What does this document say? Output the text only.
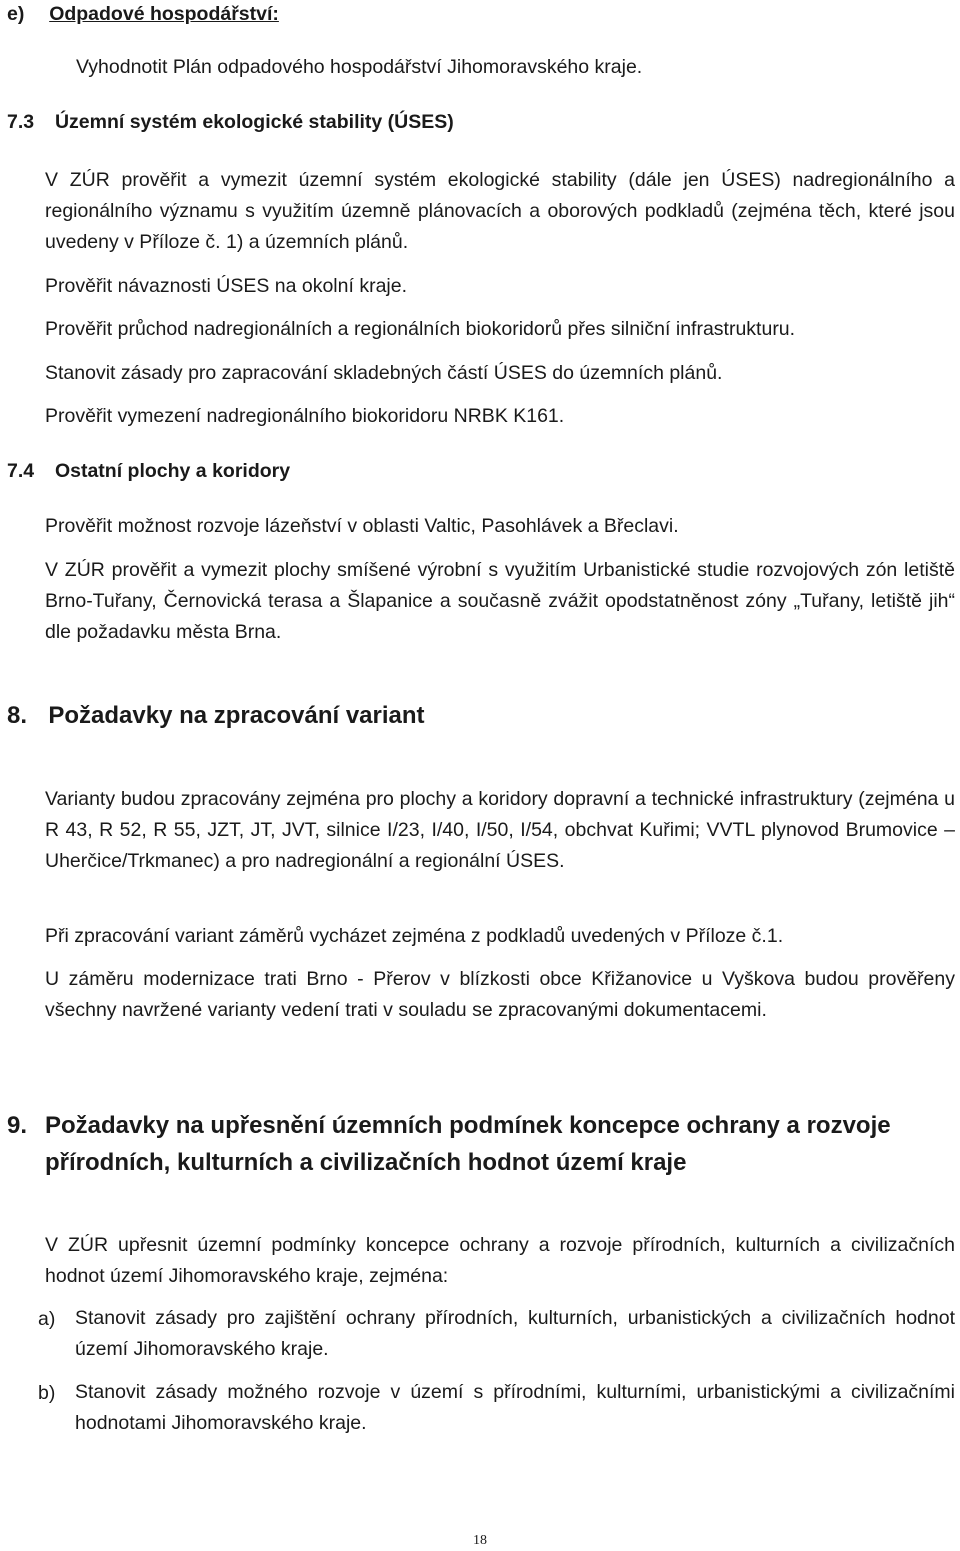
e) Odpadové hospodářství:
Vyhodnotit Plán odpadového hospodářství Jihomoravského kraje.
7.3 Územní systém ekologické stability (ÚSES)
V ZÚR prověřit a vymezit územní systém ekologické stability (dále jen ÚSES) nadregionálního a regionálního významu s využitím územně plánovacích a oborových podkladů (zejména těch, které jsou uvedeny v Příloze č. 1) a územních plánů.
Prověřit návaznosti ÚSES na okolní kraje.
Prověřit průchod nadregionálních a regionálních biokoridorů přes silniční infrastrukturu.
Stanovit zásady pro zapracování skladebných částí ÚSES do územních plánů.
Prověřit vymezení nadregionálního biokoridoru NRBK K161.
7.4 Ostatní plochy a koridory
Prověřit možnost rozvoje lázeňství v oblasti Valtic, Pasohlávek a Břeclavi.
V ZÚR prověřit a vymezit plochy smíšené výrobní s využitím Urbanistické studie rozvojových zón letiště Brno-Tuřany, Černovická terasa a Šlapanice a současně zvážit opodstatněnost zóny „Tuřany, letiště jih“ dle požadavku města Brna.
8. Požadavky na zpracování variant
Varianty budou zpracovány zejména pro plochy a koridory dopravní a technické infrastruktury (zejména u R 43, R 52, R 55, JZT, JT, JVT, silnice I/23, I/40, I/50, I/54, obchvat Kuřimi; VVTL plynovod Brumovice – Uherčice/Trkmanec) a pro nadregionální a regionální ÚSES.
Při zpracování variant záměrů vycházet zejména z podkladů uvedených v Příloze č.1.
U záměru modernizace trati Brno - Přerov v blízkosti obce Křižanovice u Vyškova budou prověřeny všechny navržené varianty vedení trati v souladu se zpracovanými dokumentacemi.
9. Požadavky na upřesnění územních podmínek koncepce ochrany a rozvoje přírodních, kulturních a civilizačních hodnot území kraje
V ZÚR upřesnit územní podmínky koncepce ochrany a rozvoje přírodních, kulturních a civilizačních hodnot území Jihomoravského kraje, zejména:
a) Stanovit zásady pro zajištění ochrany přírodních, kulturních, urbanistických a civilizačních hodnot území Jihomoravského kraje.
b) Stanovit zásady možného rozvoje v území s přírodními, kulturními, urbanistickými a civilizačními hodnotami Jihomoravského kraje.
18
